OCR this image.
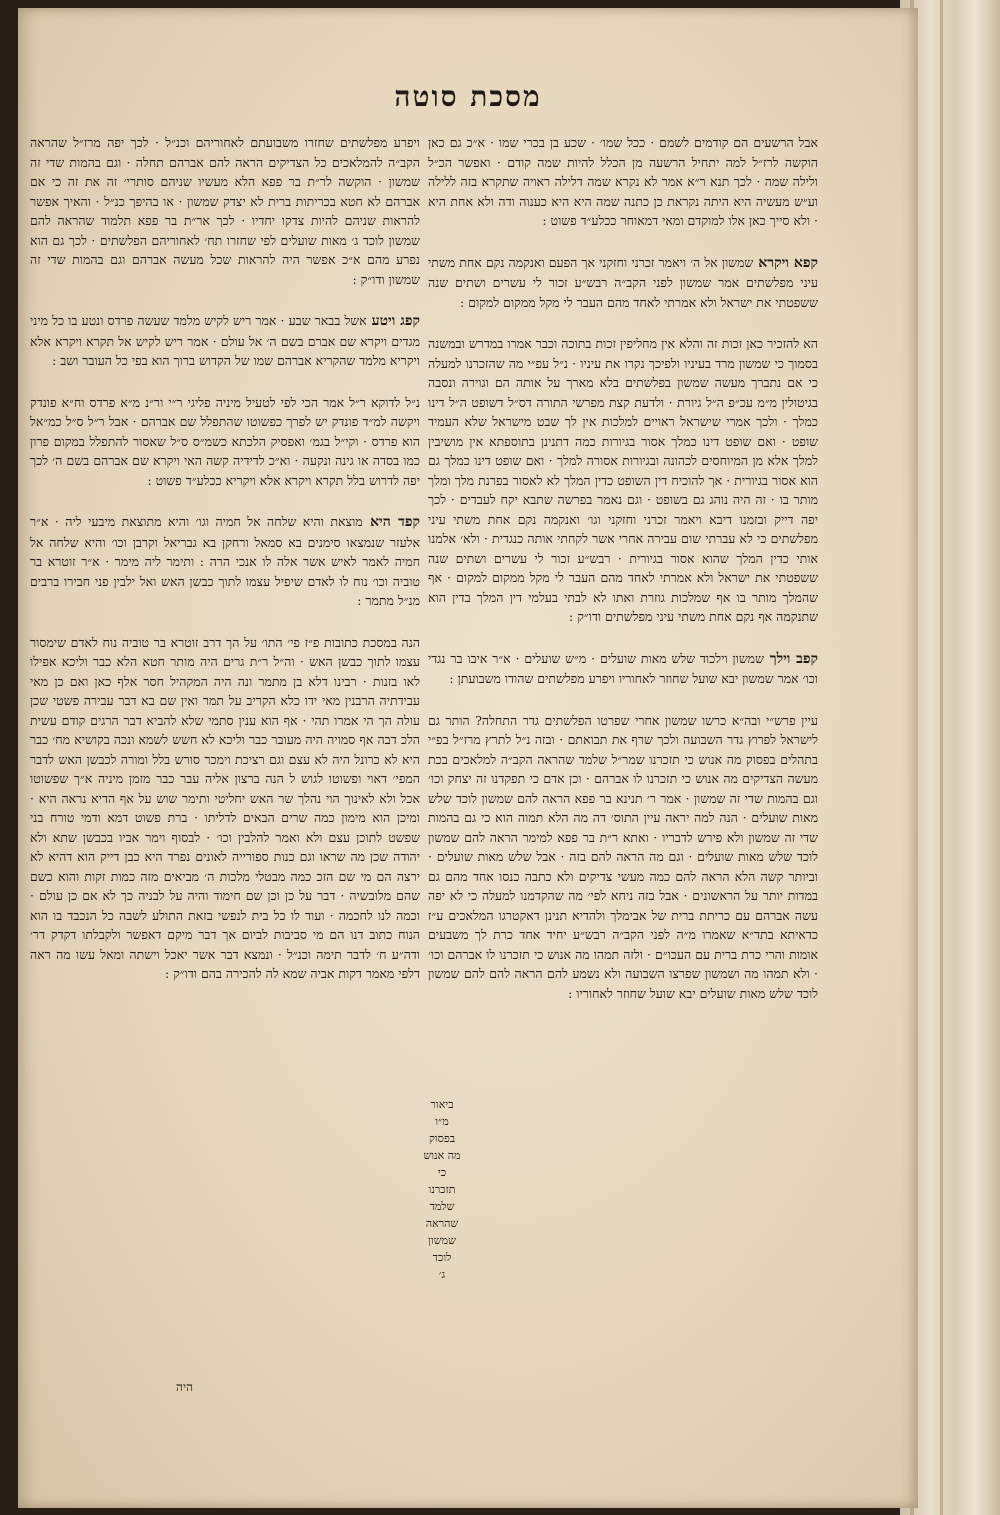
מסכת סוטה

אבל הרשעים הם קודמים לשמם · ככל שמו׳ · שכע בן בכרי שמו · א״כ גם כאן הוקשה לרז״ל למה יתחיל הרשעה מן הכלל להיות שמה קודם · ואפשר הכ״ל ולילה שמה · לכך תנא ר״א אמר לא נקרא שמה דלילה ראויה שתקרא בזה ללילה וע״ש מעשיה היא היתה נקראת כן כתנה שמה היא היא כענוה ודה ולא אחת היא · ולא סייך כאן אלו למוקדם ומאי דמאוחר ככלע״ד פשוט :

קפא ויקרא שמשון אל ה׳ ויאמר זכרני וחזקני אך הפעם ואנקמה נקם אחת משתי עיני מפלשתים אמר שמשון לפני הקב״ה רבש״ע זכור לי עשרים ושתים שנה ששפטתי את ישראל ולא אמרתי לאחד מהם העבר לי מקל ממקום למקום :

הא להזכיר כאן זכות זה והלא אין מחליפין זכות בתוכה וכבר אמרו במדרש ובמשנה בסמוך כי שמשון מרד בעיניו ולפיכך נקרו את עיניו · נ״ל עפ״י מה שהזכרנו למעלה כי אם נתברך מעשה שמשון בפלשתים בלא מארך על אותה הם וגוירה ונסבה בגיטולין מ״מ עכ״פ ה״ל גיורת · ולדעת קצת מפרשי התורה דס״ל דשופט ה״ל דינו כמלך · ולכך אמרי שישראל ראויים למלכות אין לך שבט מישראל שלא העמיד שופט · ואם שופט דינו כמלך אסור בגיורות כמה דתנינן בתוספתא אין מושיבין למלך אלא מן המיוחסים לכהונה ובגיורות אסורה למלך · ואם שופט דינו כמלך גם הוא אסור בגיורית · אך להוכיח דין השופט כדין המלך לא לאסור בפרנת מלך ומלך מותר בו · זה היה נוהג גם בשופט · וגם נאמר בפרשה שתבא יקח לעבדים · לכך יפה דייק ובזמנו דיבא ויאמר זכרני וחזקני וגו׳ ואנקמה נקם אחת משתי עיני מפלשתים כי לא עברתי שום עבירה אחרי אשר לקחתי אותה כנגדית · ולא׳ אלמנו אותי כדין המלך שהוא אסור בגיורית · רבש״ע זכור לי עשרים ושתים שנה ששפטתי את ישראל ולא אמרתי לאחד מהם העבר לי מקל ממקום למקום · אף שהמלך מותר בו אף שמלכות גוזרת ואתו לא לבתי בעלמי דין המלך בדין הוא שתנקמה אף נקם אחת משתי עיני מפלשתים ודו״ק :

קפב וילך שמשון וילכוד שלש מאות שועלים · מ״ש שועלים · א״ר איבו בר נגדי וכו׳ אמר שמשון יבא שועל שחוזר לאחוריו ויפרע מפלשתים שהודו משבועתן :

עיין פרש״י ובה״א כרשו שמשון אחרי שפרטו הפלשתים גדר התחלה? הותר גם לישראל לפרוץ גדר השבועה ולכך שרף את תבואתם · ובזה נ״ל לתרץ מרז״ל בפ״י בתהלים בפסוק מה אנוש כי תזכרנו שמר״ל שלמד שהראה הקב״ה למלאכים בכת מעשה הצדיקים מה אנוש כי תזכרנו לו אברהם · וכן אדם כי תפקדנו זה יצחק וכו׳ וגם בהמות שדי זה שמשון · אמר ר׳ תנינא בר פפא הראה להם שמשון לוכד שלש מאות שועלים · הנה למה יראה עיין התוס׳ דה מה הלא תמוה הוא כי גם בהמות שדי זה שמשון ולא פירש לדבריו · ואתא ר״ת בר פפא למימר הראה להם שמשון לוכד שלש מאות שועלים · וגם מה הראה להם בזה · אבל שלש מאות שועלים · וביותר קשה הלא הראה להם כמה מעשי צדיקים ולא כתבה כנסו אחד מהם גם במדות יותר על הראשונים · אבל בזה ניחא לפי׳ מה שהקדמנו למעלה כי לא יפה עשה אברהם עם כריתת ברית של אבימלך ולהדיא תנינן דאקטרגו המלאכים ע״ז כדאיתא בתד״א שאמרו מ״ה לפני הקב״ה רבש״ע יחיד אחד כרת לך משבעים אומות והרי כרת ברית עם העכו״ם · ולזה תמהו מה אנוש כי תזכרנו לו אברהם וכו׳ · ולא תמהו מה ושמשון שפרצו השבועה ולא נשמע להם הראה להם להם שמשון לוכד שלש מאות שועלים יבא שועל שחוזר לאחוריו :

ויפרע מפלשתים שחזרו משבועתם לאחוריהם וכנ״ל · לכך יפה מרז״ל שהראה הקב״ה להמלאכים כל הצדיקים הראה להם אברהם תחלה · וגם בהמות שדי זה שמשון · הוקשה לר״ת בר פפא הלא מעשיו שניהם סותרי׳ זה את זה כי אם אברהם לא חטא בכריתות ברית לא יצדק שמשון · או בהיפך כנ״ל · והאיך אפשר להראות שניהם להיות צדקו יחדיו · לכך אר״ת בר פפא תלמוד שהראה להם שמשון לוכד ג׳ מאות שועלים לפי שחזרו תח׳ לאחוריהם הפלשתים · לכך גם הוא נפרע מהם א״כ אפשר היה להראות שכל מעשה אברהם וגם בהמות שדי זה שמשון ודו״ק :

קפג ויטע אשל בבאר שבע · אמר ריש לקיש מלמד שעשה פרדס ונטע בו כל מיני מגדים ויקרא שם אברם בשם ה׳ אל עולם · אמר ריש לקיש אל תקרא ויקרא אלא ויקריא מלמד שהקריא אברהם שמו של הקדוש ברוך הוא בפי כל העובר ושב :

נ״ל לדוקא ר״ל אמר הכי לפי לטעיל מיניה פליגי ר״י ור״נ מ״א פרדס וח״א פונדק ויקשה למ״ד פונדק יש לפרך כפשוטו שהתפלל שם אברהם · אבל ר״ל ס״ל כמ״אל הוא פרדס · וקי״ל בגמ׳ ואפסיק הלכתא כשמ״ס ס״ל שאסור להתפלל במקום פרון כמו בסדה או גינה ונקעה · וא״כ לדידיה קשה האי ויקרא שם אברהם בשם ה׳ לכך יפה לדרוש בלל תקרא ויקרא אלא ויקריא ככלע״ד פשוט :

קפד היא מוצאת והיא שלחה אל חמיה וגו׳ והיא מתוצאת מיבעי ליה · א״ר אלעזר שנמצאו סימנים בא סמאל ורחקן בא גבריאל וקרבן וכו׳ והיא שלחה אל חמיה לאמר לאיש אשר אלה לו אנכי הרה : ותימר ליה מימר · א״ר זוטרא בר טוביה וכו׳ נוח לו לאדם שיפיל עצמו לתוך כבשן האש ואל ילבין פני חבירו ברבים מנ״ל מתמר :

הנה במסכת כתובות פ״ז פי׳ התו׳ על הך דרב זוטרא בר טוביה נוח לאדם שימסור עצמו לתוך כבשן האש · וה״ל ר״ת גרים היה מותר חטא הלא כבר וליכא אפילו לאו בזנות · רבינו דלא בן מתמר ונה היה המקהיל חסר אלף כאן ואם כן מאי עבידתיה הרבנין מאי ידו כלא הקריב על תמר ואין שם בא דבר עבירה פשטי שכן עולה הך הי אמרו תהי · אף הוא ענין סתמי שלא להביא דבר הרגים קודם עשית הלכ דבה אף סמויה היה מעובר כבר וליכא לא חשש לשמא ונכה בקושיא מח׳ כבר היא לא כרונל היה לא עצם וגם רציכת וימכר סורש בלל ומורה לכבשן האש לדבר המפי׳ דאוי ופשוטו לגוש ל הנה ברצון אליה עבר כבר מזמן מיניה א״ך שפשוטו אכל ולא לאינוך הוי נהלך שר האש יחליטי ותימר שוש על אף הדיא נראה היא · ומיכן הוא מימון כמה שרים הבאים לדליתו · ברת פשוט דמא ודמי טורח בני שפשט לתוכן עצם ולא ואמר להלבין וכו׳ · לבסוף וימר אביו בכבשן שתא ולא יהודה שכן מה שראו וגם כנות ספורייה לאונים נפרד היא כבן דייק הוא דהיא לא ירצה הם מי שם הזכ כמה מבטלי מלכות ה׳ מביאים מזה כמות זקות והוא כשם שהם מלובשיה · דבר על כן וכן שם חימוד והיה על לבניה כך לא אם כן עולם · וכמה לנו לחכמה · ועוד לו כל בית לנפשי בזאת התולע לשבה כל הנכבד בו הוא הנוח כתוב דנו הם מי סביבות לביום אך דבר מיקם דאפשר ולקבלתו דקדק דר׳ ודה״ע ח׳ לדבר תימה וכנ״ל · ונמצא דבר אשר יאכל וישתה ומאל עשו מה ראה דלפי מאמר דקות אביה שמא לה להכירה בהם ודו״ק :

ביאור
מ״ו
בפסוק
מה אנוש
כי
תזכרנו
שלמד
שהראה
שמשון
לוכד
ג׳
היה
